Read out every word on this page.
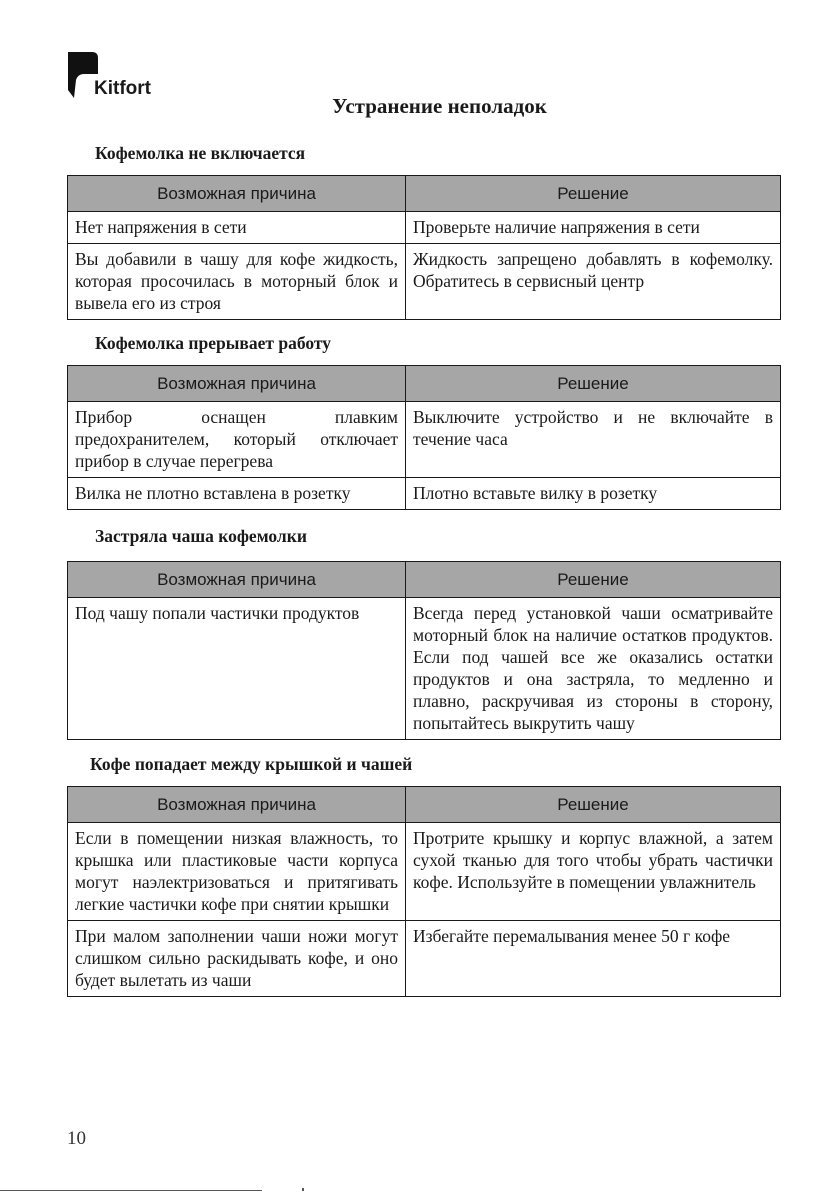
Kitfort
Устранение неполадок
Кофемолка не включается
Возможная причина	Решение
Нет напряжения в сети	Проверьте наличие напряжения в сети
Вы добавили в чашу для кофе жидкость, которая просочилась в моторный блок и вывела его из строя	Жидкость запрещено добавлять в кофемолку. Обратитесь в сервисный центр
Кофемолка прерывает работу
Возможная причина	Решение
Прибор оснащен плавким предохранителем, который отключает прибор в случае перегрева	Выключите устройство и не включайте в течение часа
Вилка не плотно вставлена в розетку	Плотно вставьте вилку в розетку
Застряла чаша кофемолки
Возможная причина	Решение
Под чашу попали частички продуктов	Всегда перед установкой чаши осматривайте моторный блок на наличие остатков продуктов. Если под чашей все же оказались остатки продуктов и она застряла, то медленно и плавно, раскручивая из стороны в сторону, попытайтесь выкрутить чашу
Кофе попадает между крышкой и чашей
Возможная причина	Решение
Если в помещении низкая влажность, то крышка или пластиковые части корпуса могут наэлектризоваться и притягивать легкие частички кофе при снятии крышки	Протрите крышку и корпус влажной, а затем сухой тканью для того чтобы убрать частички кофе. Используйте в помещении увлажнитель
При малом заполнении чаши ножи могут слишком сильно раскидывать кофе, и оно будет вылетать из чаши	Избегайте перемалывания менее 50 г кофе
10
